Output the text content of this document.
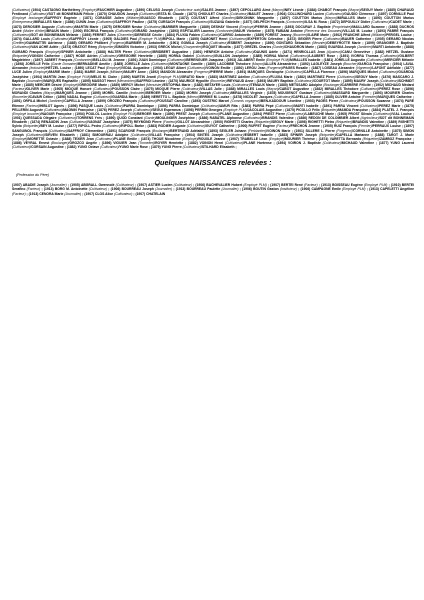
(Cultivateur) (1904) CASTAGNO Barthélémy (Employé)/FAUCHIER Augustine ; (1890) CELUSO Joseph (Conducteur auto)/SALES Jeanne ; (1897) CEPOLLARO Aimé (Maçon)/NEY Léonie ; (1884) CHABOT François (Maçon)/SEGUY Marie ; (1885) CHARAUD Ferdinand (Cultivateur)/SOT dit BONNEMAIN Félicie ; (1870) CHAUDON Joseph (Cultivateur)/ESTA M. Claude ; (1873) CHIOULET Charles (Cultivateur)/BAILET Jeanne ; (1904) COLLINCHARD Lucien (Cultivateur)/GAUDIO Clémence ; (1897) CORNILLE Paul (Employé boulanger)/SAFFROY Eugénie ; (1871) CORASSE Julien (Militaire)/GUASCO Elisabeth ; (1872) COUTANT Alfred (Gardien)/DEKONINK Marguerite ; (1897) COUTTON Marius (Maçon)/MIRALLES Marie ; (1890) COUTTON Marius (Entrepreneur)/MIRALLES Marie ; (1886) CUNIN Jean (Cultivateur)/SAFFROY Pauline ; (1875) CURSACH François (Cultivateur)/SUZANA Gabrielle ; (1877) DELPECH François (Contonnier)/ILSA M. Rosa ; (1872) DEPOUILLY Didier (Cultivateur)/CADET Marie ; (1873) DEROSIER Auguste (Cultivateur)/MARTIN Marie ; (1875) DEROSIER Nestor (Cultivateur)/BARBIER Marguerite ; (1889) DESHAY Vincent (Employé)/PERRIN Jeanne ; (1893) DOCURAY J. Baptiste (Propriétaire)/MAILLARD Suzanne ; (1888) DUCROS André (Maître d'hôtel)/BRAUN Marie ; (1900) ESCRIVA François (Cultivateur)/GIRARD Joséphine ; (1893) ESPITALIER Laurens (Cordonnier)/MAUR Victorine ; (1875) FABIANI Antoine (Receveur des Douanes)/VILLAS M. Louise ; (1893) FABRE François (Cultivateur)/SOT dit BONNEMAIN Mélanie ; (1893) FERRET Jules (Charretier)/DERESSE Cécile ; (1884) FLUXIA Fabien (Cultivateur)/CARRIO Antoinette ; (1889) FOREST Jeanny (Boucher)/ILAIRE Marie ; (1902) FRANCHE Alfred (Militaire)/PERGEL Louise ; (1874) GALLARD Louis (Cultivateur)/SAFFROY Léonie ; (1905) GALDIES Paul (Employé PLM)/RIPOLL Marie ; (1895) GAMONET Henri (Cultivateur)/EXPERTON Célestine ; (1872) GEIGER Pierre (Cultivateur)/BAUER Catherine ; (1905) GERARD Nicolas (Greffier)/GAMMATTEI Adrienne ; (1885) GERARD Philibert (Forgeron)/BARBIER M. Antoinette ; (1901) GOMILA Joseph (Cultivateur)/ESBERT Joséphine ; (1890) GONTARD Sébastien (Meunier)/DEBEYROTTE Marie ; (1899) GRANGIER J. Baptiste (Cultivateur)/VAN ACHE Adèle ; (1873) GRATIOT Rémy (Briquetier)/SIMOEN Victorine ; (1903) GRECK Michel (Charpentier)/ROQUET Micaëla ; (1877) GREZEL Charles (Garde)/CHAUDRON Marie ; (1883) GUARDIA Joseph (Jardinier)/MARTI Antoinette ; (1888) GUIRARD François (Employé)/SPINER Antoinette ; (1888) HALTER Pierre (Cultivateur)/BRIDBERT Augustine ; (1891) HENRICH Antoine (Cultivateur)/DAUNIS Adèle ; (1871) HENRIOLLAS Jean (Ajusteur)/CANU Geneviève ; (1882) HETZEL Gustave (Briquetier)/VOINON Catherine ; (1887) HODE Adrien (Cultivateur)/GREGOIRE Henriette ; (1885) HORNA Gabriel (Cultivateur)/GUILLON Joséphine ; (1885) HORNA Michel (Cultivateur)/LAUBERT Rose ; (1891) IVORRA Thomas (Cultivateur)/GILBERT Magdeleine ; (1897) JABERT François (Cordonnier)/BELLOLI M. Jeanne ; (1891) JUAN Dominique (Cultivateur)/BERENGUER Joaquina ; (1903) JALABERT Emile (Employé PLM)/MIRALLES Isabelle ; (1881) JORELLE Augustin (Cultivateur)/MERCIER Mélanie ; (1898) JORELLE Félix (Garde Domaine)/BERNADINE Amélie ; (1885) JORELLE Jules (Cultivateur)/MONTAGNE Camille ; (1889) LACOMBE Théodore (Maçon)/ALLEN Alexandrine ; (1892) LAGLEYZE Joseph (Boucher)/GARCIA Françoise ; (1904) LAVAL Alexandre (Industriel)/HETZEL Louise ; (1890) LECAT Paul (Employé)/VIDAL Augustine ; (1904) LEGAY Albert (Cultivateur)/VOINON Emilie ; (1892) LEROU Jean (Forgeron)/PAGES Rosalie ; (1887) LOISEAU Alexandre (Vigneron)/LAFONT Adélaïde ; (1877) LUCE Julien (Employé)/MARIE Marie ; (1881) MARIE Joseph (Militaire)/MAURY Anne ; (1892) MANDON Alexandre (Forgeron)/PIERRE Marie ; (1891) MARQUES Christophe (Cultivateur)/CAPELLA Florence ; (1896) MARQUES Michel (Cultivateur)/GUARDIA Joséphine ; (1904) MARTIN Jean (Employé PLM)/MELIS M. Claire ; (1890) MARTIN Jeanti (Employé PLM)/GRATIO Marie ; (1883) MARTINEZ Adeline (Cultivateur)/FLUXIA Marie ; (1882) MARTINEZ Pierre (Cultivateur)/SEGUY Marie ; (1876) MASCARO J. Baptiste (Journalier)/MARQUES Raphaëlle ; (1895) MASSOT Henri (Mécanicien)/SAFFROI Léonine ; (1870) MAURICE Hypolite (Bourrelier)/REYNAUD Anne ; (1893) MAURY Baptiste (Cultivateur)/COURTOT Marie ; (1895) MAURY Joseph (Cultivateur)/SCHMIDT Marie ; (1885) MERCIER Désiré (Employé)/GREGOIRE Marie ; (1889) MERCY Michel (Menuisier)/ESTOPINA Marie ; (1882) METAYER Louis (Cultivateur)/TEMAUX Marie ; (1880) METSSARD Adolphe (Boulanger)/CARRERE Félicité ; (1902) MICHAUD Médard (Facteur)/OLIVER Marie ; (1905) MIOQUE Honoré (Cultivateur)/POUSSON Claire ; (1875) MIOQUE Pierre (Cultivateur)/VILLAS Julie ; (1888) MIRALLES Louis (Maçon)/CABOT Augustine ; (1882) MIRALLES Théodore (Cultivateur)/PEREZ Rose ; (1896) MORANDI Charles (Maçon)/MARQUES Jeanne ; (1895) MOREL Camille (Industriel)/BERGER Marie ; (1882) MORIN Joseph (Cultivateur)/MIRALLES Virginie ; (1878) MOUGENOT Gustave (Cultivateur)/MASSARD Marguerite ; (1893) MOURIER Charles (Bourrelier)/CAVAIR Céline ; (1896) NADAL Eugène (Cultivateur)/GUARDIA Marie ; (1889) NERETTO L. Baptiste (Mineur)/ERRIKE M. Louise ; (1878) NICOLET Jacques (Cultivateur)/CAPELLA Jeanne ; (1885) OLIVER Antoine (Forestier)/MARQUES Catherine ; (1891) ORFILA Michel (Jardinier)/CAPELLA Jeanne ; (1899) OROZEO François (Cultivateur)/FOUSSAT Caroline ; (1893) OUSTRIC Marcel (Commis voyageur)/BEN-KADDOUR Léontine ; (1903) PAGES Pierre (Cultivateur)/POUSSON Suzanne ; (1874) PARE Etienne (Facteur)/HIBLOT Agnès ; (1896) PASQUE Louis (Cultivateur)/PARRA Dominique ; (1894) PARRA Dominique (Cultivateur)/AMUR Rita ; (1883) PARRA Pépé (Cultivateur)/MARTI Isabelle ; (1891) PARRA Vincent (Cultivateur)/PEREZ Marie ; (1875) PELLERIN Auguste (Cultivateur)/MAGNIN Françoise ; (1876) PEREZ Joseph (Cultivateur)/SEGUI Esperanza ; (1898) PERRIN Georges (Employé PLM)/JACOLAIS Augustine ; (1875) PICOLLO Félix (Briquetier)/MAMDA Françoise ; (1884) PLATEL J. François (Employé boucher)/NAGUIR Françoise ; (1904) POULOL Lucien (Employé PLM)/BERGER Marie ; (1890) PREST Joseph (Cultivateur)/PLANE Augustine ; (1894) PREST Pierre (Cultivateur)/LABEUCHE Marie ; (1905) PROST Silvain (Cultivateur)/VIAL Louise ; (1901) QUESSADA Olégaire (Cultivateur)/TORRENS Yrès ; (1890) QUOD Constant (Garde)/MOULINGER Joséphine ; (1886) RABATEL Alphonse (Cultivateur)/BRANDIS Valentine ; (1886) REDON DE COLOMBIER Albert (Agriculteur)/SOT dit BONNEMAIN Elisabeth ; (1874) RENAUDIN Jean (Cultivateur)/VAGNAT Joséphine ; (1875) REYMOND Pierre (Facteur)/GILLOT Alexandrine ; (1900) RIGHETTI Charles (Briquetier)/SEGUY Marie ; (1898) RIGHETTI Pietro (Briquetier)/BRANDIS Valentine ; (1889) RIGHETTI Sylvio (Briquetier)/BEY M. Louise ; (1877) RIPOLL Pedro (Cultivateur)/RIPOLL Barbe ; (1883) RODIER Auguste (Cultivateur)/GUYOT Catherine ; (1900) RUFFET Eugène (Facteur)/FRECHON Jeanne ; (1905) RUIZ François (Fermier)/PERRAUX Louise ; (1897) SANGUINOL François (Cultivateur)/SAFFROY Clémentine ; (1891) SCARONE François (Boulanger)/BERTRAND Adélaïde ; (1893) SEGLER Johann (Ferblantier)/VOINON Marie ; (1901) SILLERE L. Pierre (Forgeron)/CORNILLE Antoinette ; (1875) SIMON Joseph (Cultivateur)/SIRVEN Elisabeth ; (1881) SIMOURRAU Adolphe (Cultivateur)/VILLAS Françoise ; (1904) SINTES Joseph (Cultivateur)/ESBERT Isabelle ; (1883) SPINER Joseph (Briquetier)/CAPELLA Marianne ; (1888) TAROT J. Marie (Employé)/MORETTE Octavie ; (1888) TEXIER Jean (Cultivateur)/PLANE Emilie ; (1874) THOUE Nicodème (Employé)/ROUXLE Jeanne ; (1907) TRABELLE Léon (Employé)/MOURIER Thérèse ; (1874) VARETTA Bernardo (Briquetier)/ZAMBOZ Françoise ; (1886) VEYRAL Ernest (Boulanger)/OROZCO Angèle ; (1896) VIGUIER Jean (Tonnelier)/ROYER Henriette ; (1882) VOINON Henri (Cultivateur)/PLANE Hortense ; (1894) VOIRON J. Baptiste (Cultivateur)/MICHAUD Valentine ; (1877) YUNG Laurent (Cultivateur)/CORSAIN Augustine ; (1882) YUNG Octave (Cultivateur)/YUNG Marie Rose ; (1879) YUNG Pierre (Cultivateur)/STILHARD Elisabeth ;
Quelques NAISSANCES relevées :
(Profession du Père)
(1907) ABADIE Joseph (Journalier) ; (1905) ABGRALL Gwennolé (Cultivateur) ; (1907) ASTIER Lucien (Cultivateur) ; (1906) BACHEVALIER Hubert (Employé PLM) ; (1907) BERTEI René (Facteur) ; (1913) BOISSEAU Eugène (Employé PLM) ; (1910) BERTEI Serafino (Facteur) ; (1913) BORG M. Antoinette (Cultivateur) ; (1906) BOURREAU Joseph (Journalier) ; (1913) BOURREAU Paulette (Journalier) ; (1906) BOUTIN Gaston (Instituteur) ; (1906) CAMPAGNE Emile (Employé PLM) ; (1913) CAPELETTI Angéline (Facteur) ; (1913) CENORA Marie (Journalier) ; (1907) CLOS Alice (Cultivateur) ; (1907) CHATELAIN
